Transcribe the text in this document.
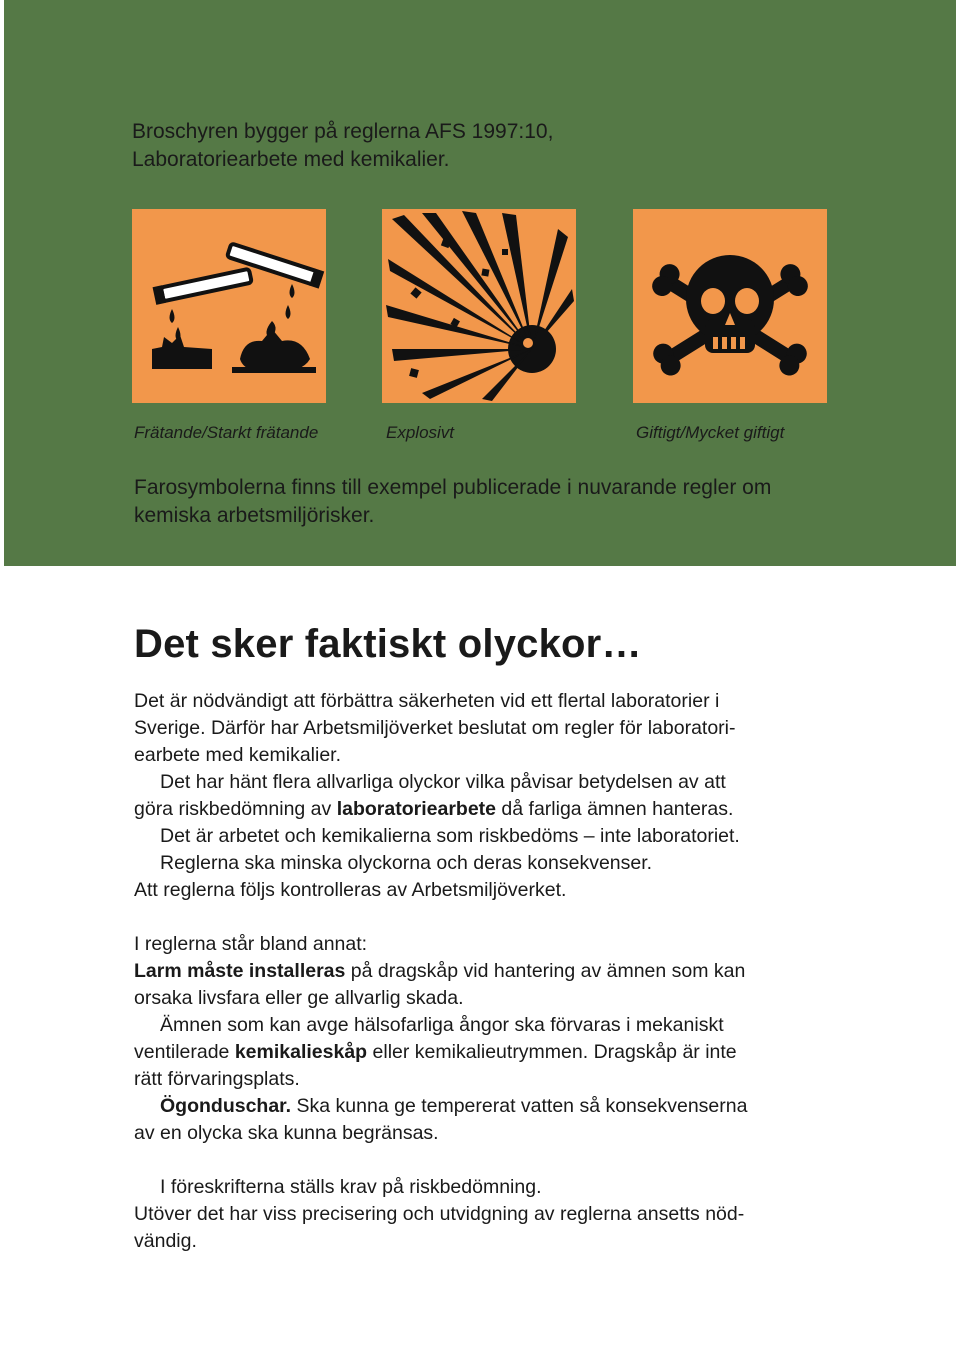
Broschyren bygger på reglerna AFS 1997:10,
Laboratoriearbete med kemikalier.
Frätande/Starkt frätande	Explosivt	Giftigt/Mycket giftigt
Farosymbolerna finns till exempel publicerade i nuvarande regler om
kemiska arbetsmiljörisker.
Det sker faktiskt olyckor…
Det är nödvändigt att förbättra säkerheten vid ett flertal laboratorier i
Sverige. Därför har Arbetsmiljöverket beslutat om regler för laboratori-
earbete med kemikalier.
Det har hänt flera allvarliga olyckor vilka påvisar betydelsen av att
göra riskbedömning av laboratoriearbete då farliga ämnen hanteras.
Det är arbetet och kemikalierna som riskbedöms – inte laboratoriet.
Reglerna ska minska olyckorna och deras konsekvenser.
Att reglerna följs kontrolleras av Arbetsmiljöverket.
I reglerna står bland annat:
Larm måste installeras på dragskåp vid hantering av ämnen som kan
orsaka livsfara eller ge allvarlig skada.
Ämnen som kan avge hälsofarliga ångor ska förvaras i mekaniskt
ventilerade kemikalieskåp eller kemikalieutrymmen. Dragskåp är inte
rätt förvaringsplats.
Ögonduschar. Ska kunna ge tempererat vatten så konsekvenserna
av en olycka ska kunna begränsas.
I föreskrifterna ställs krav på riskbedömning.
Utöver det har viss precisering och utvidgning av reglerna ansetts nöd-
vändig.
